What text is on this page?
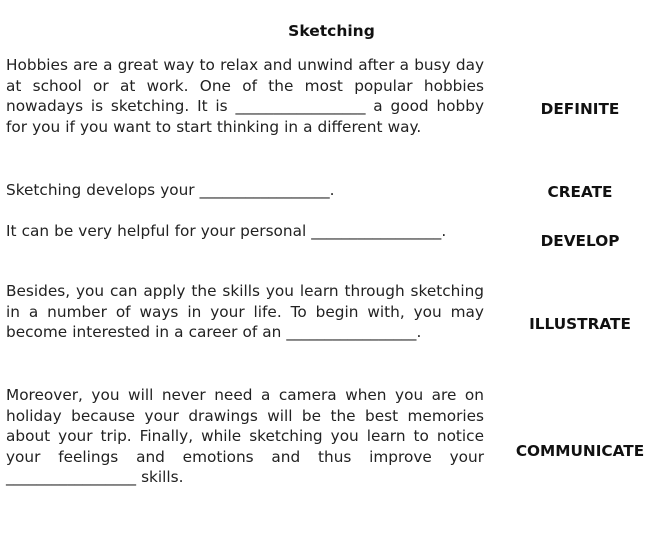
Sketching
Hobbies are a great way to relax and unwind after a busy day at school or at work. One of the most popular hobbies nowadays is sketching. It is _________________ a good hobby for you if you want to start thinking in a different way.
DEFINITE
Sketching develops your _________________.	CREATE
It can be very helpful for your personal _________________.
DEVELOP
Besides, you can apply the skills you learn through sketching in a number of ways in your life. To begin with, you may become interested in a career of an _________________.	ILLUSTRATE
Moreover, you will never need a camera when you are on holiday because your drawings will be the best memories about your trip. Finally, while sketching you learn to notice your feelings and emotions and thus improve your _________________ skills.
COMMUNICATE
